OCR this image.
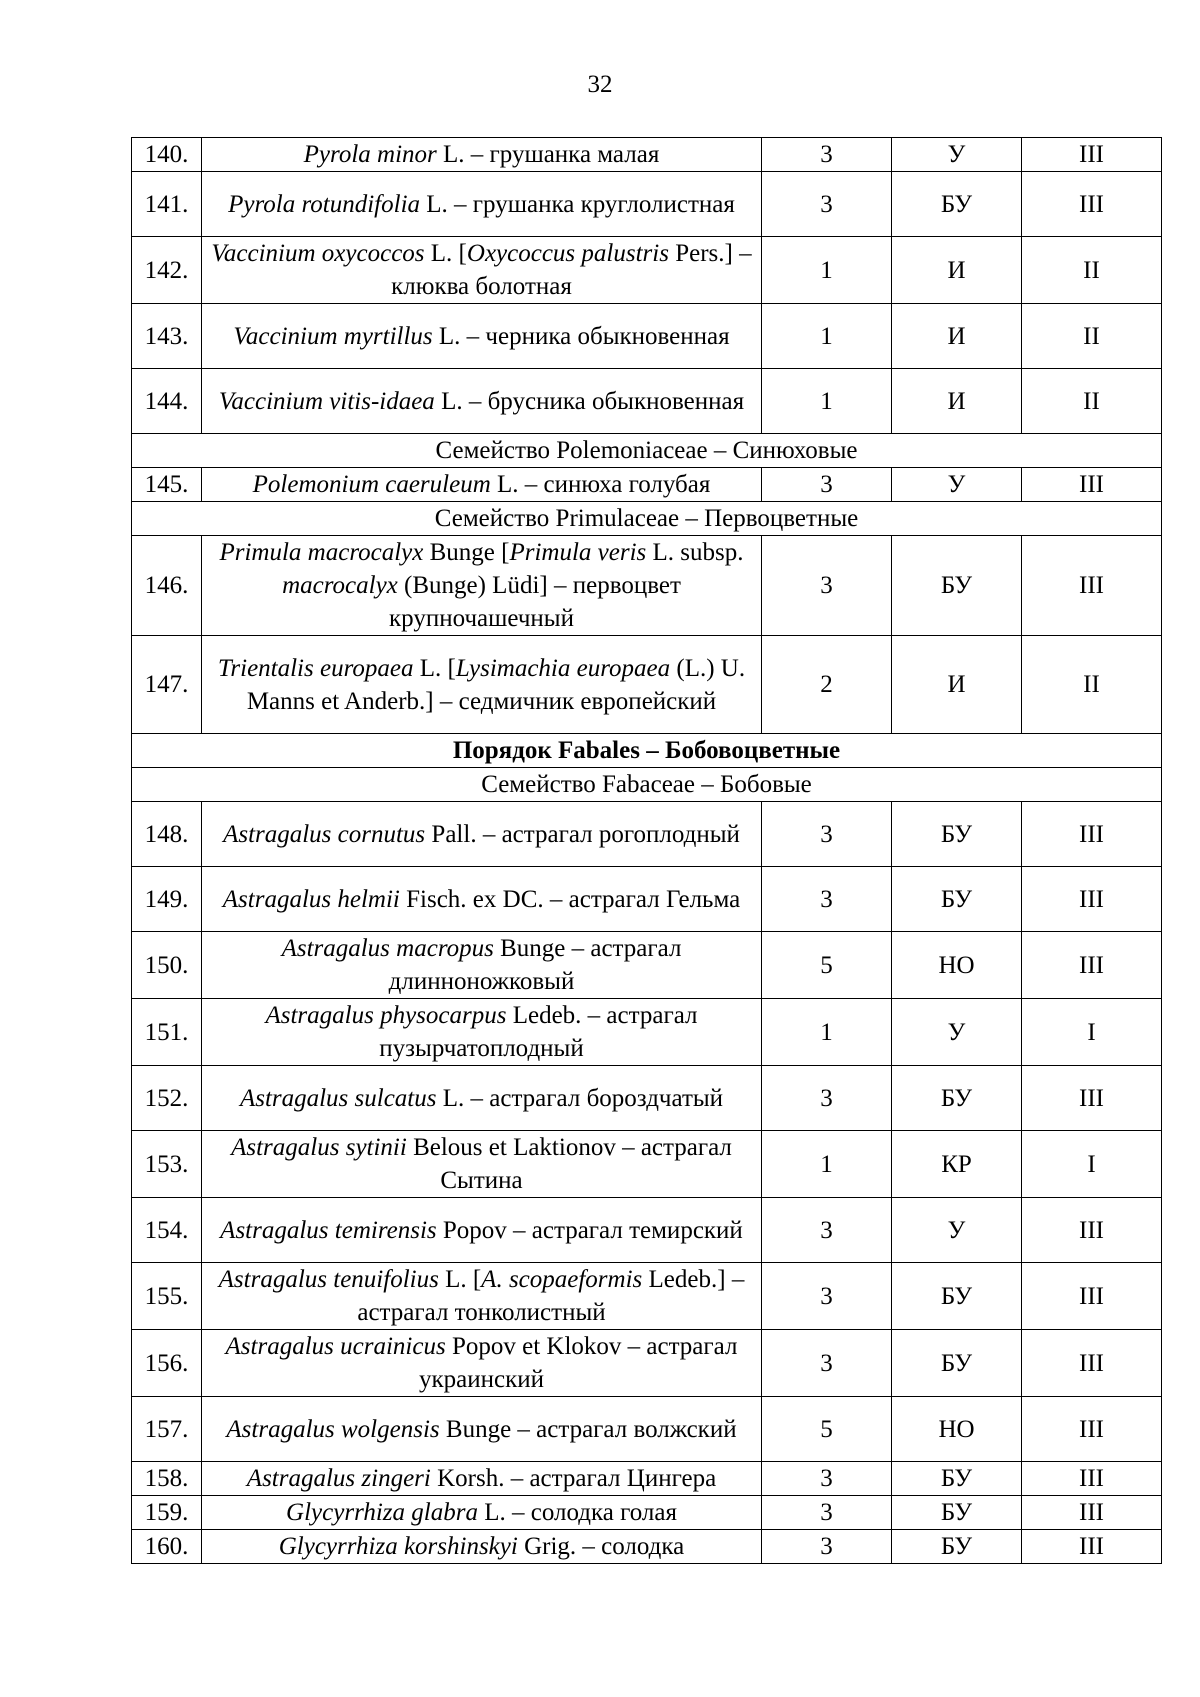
32
140.	Pyrola minor L. – грушанка малая	3	У	III
141.	Pyrola rotundifolia L. – грушанка круглолистная	3	БУ	III
142.	Vaccinium oxycoccos L. [Oxycoccus palustris Pers.] – клюква болотная	1	И	II
143.	Vaccinium myrtillus L. – черника обыкновенная	1	И	II
144.	Vaccinium vitis-idaea L. – брусника обыкновенная	1	И	II
Семейство Polemoniaceae – Синюховые				
145.	Polemonium caeruleum L. – синюха голубая	3	У	III
Семейство Primulaceae – Первоцветные				
146.	Primula macrocalyx Bunge [Primula veris L. subsp. macrocalyx (Bunge) Lüdi] – первоцвет крупночашечный	3	БУ	III
147.	Trientalis europaea L. [Lysimachia europaea (L.) U. Manns et Anderb.] – седмичник европейский	2	И	II
Порядок Fabales – Бобовоцветные				
Семейство Fabaceae – Бобовые				
148.	Astragalus cornutus Pall. – астрагал рогоплодный	3	БУ	III
149.	Astragalus helmii Fisch. ex DC. – астрагал Гельма	3	БУ	III
150.	Astragalus macropus Bunge – астрагал длинноножковый	5	НО	III
151.	Astragalus physocarpus Ledeb. – астрагал пузырчатоплодный	1	У	I
152.	Astragalus sulcatus L. – астрагал бороздчатый	3	БУ	III
153.	Astragalus sytinii Belous et Laktionov – астрагал Сытина	1	КР	I
154.	Astragalus temirensis Popov – астрагал темирский	3	У	III
155.	Astragalus tenuifolius L. [A. scopaeformis Ledeb.] – астрагал тонколистный	3	БУ	III
156.	Astragalus ucrainicus Popov et Klokov – астрагал украинский	3	БУ	III
157.	Astragalus wolgensis Bunge – астрагал волжский	5	НО	III
158.	Astragalus zingeri Korsh. – астрагал Цингера	3	БУ	III
159.	Glycyrrhiza glabra L. – солодка голая	3	БУ	III
160.	Glycyrrhiza korshinskyi Grig. – солодка	3	БУ	III
